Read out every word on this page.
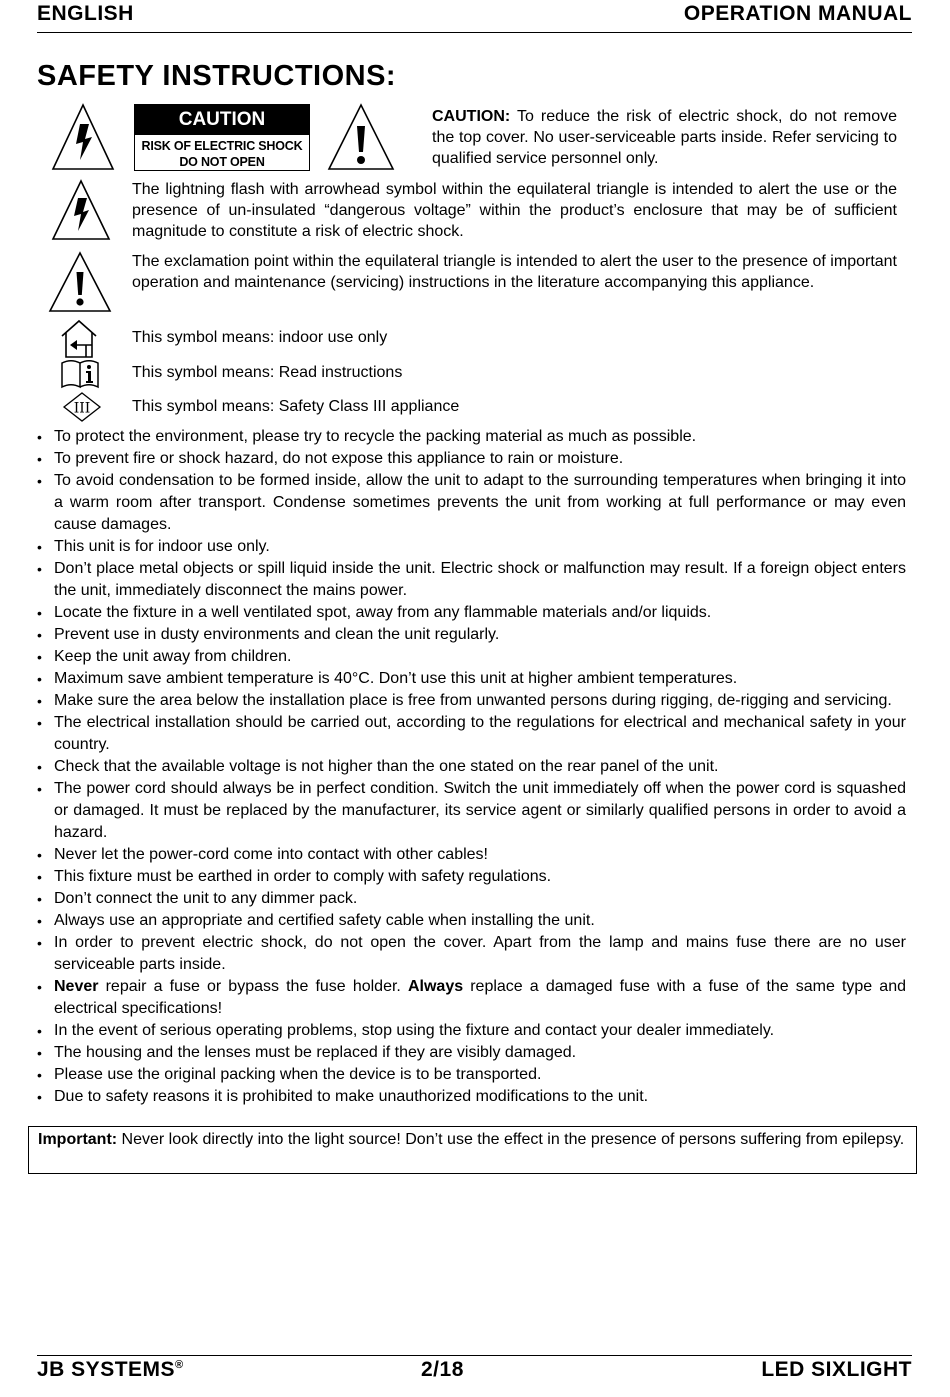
ENGLISH	OPERATION MANUAL
SAFETY INSTRUCTIONS:
CAUTION
RISK OF ELECTRIC SHOCK
DO NOT OPEN
CAUTION: To reduce the risk of electric shock, do not remove the top cover. No user-serviceable parts inside. Refer servicing to qualified service personnel only.
The lightning flash with arrowhead symbol within the equilateral triangle is intended to alert the use or the presence of un-insulated “dangerous voltage” within the product’s enclosure that may be of sufficient magnitude to constitute a risk of electric shock.
The exclamation point within the equilateral triangle is intended to alert the user to the presence of important operation and maintenance (servicing) instructions in the literature accompanying this appliance.
This symbol means: indoor use only
This symbol means: Read instructions
III	This symbol means: Safety Class III appliance
• To protect the environment, please try to recycle the packing material as much as possible.
• To prevent fire or shock hazard, do not expose this appliance to rain or moisture.
• To avoid condensation to be formed inside, allow the unit to adapt to the surrounding temperatures when bringing it into a warm room after transport. Condense sometimes prevents the unit from working at full performance or may even cause damages.
• This unit is for indoor use only.
• Don’t place metal objects or spill liquid inside the unit. Electric shock or malfunction may result. If a foreign object enters the unit, immediately disconnect the mains power.
• Locate the fixture in a well ventilated spot, away from any flammable materials and/or liquids.
• Prevent use in dusty environments and clean the unit regularly.
• Keep the unit away from children.
• Maximum save ambient temperature is 40°C. Don’t use this unit at higher ambient temperatures.
• Make sure the area below the installation place is free from unwanted persons during rigging, de-rigging and servicing.
• The electrical installation should be carried out, according to the regulations for electrical and mechanical safety in your country.
• Check that the available voltage is not higher than the one stated on the rear panel of the unit.
• The power cord should always be in perfect condition. Switch the unit immediately off when the power cord is squashed or damaged. It must be replaced by the manufacturer, its service agent or similarly qualified persons in order to avoid a hazard.
• Never let the power-cord come into contact with other cables!
• This fixture must be earthed in order to comply with safety regulations.
• Don’t connect the unit to any dimmer pack.
• Always use an appropriate and certified safety cable when installing the unit.
• In order to prevent electric shock, do not open the cover. Apart from the lamp and mains fuse there are no user serviceable parts inside.
• Never repair a fuse or bypass the fuse holder. Always replace a damaged fuse with a fuse of the same type and electrical specifications!
• In the event of serious operating problems, stop using the fixture and contact your dealer immediately.
• The housing and the lenses must be replaced if they are visibly damaged.
• Please use the original packing when the device is to be transported.
• Due to safety reasons it is prohibited to make unauthorized modifications to the unit.
Important: Never look directly into the light source! Don’t use the effect in the presence of persons suffering from epilepsy.
JB SYSTEMS®	2/18	LED SIXLIGHT
